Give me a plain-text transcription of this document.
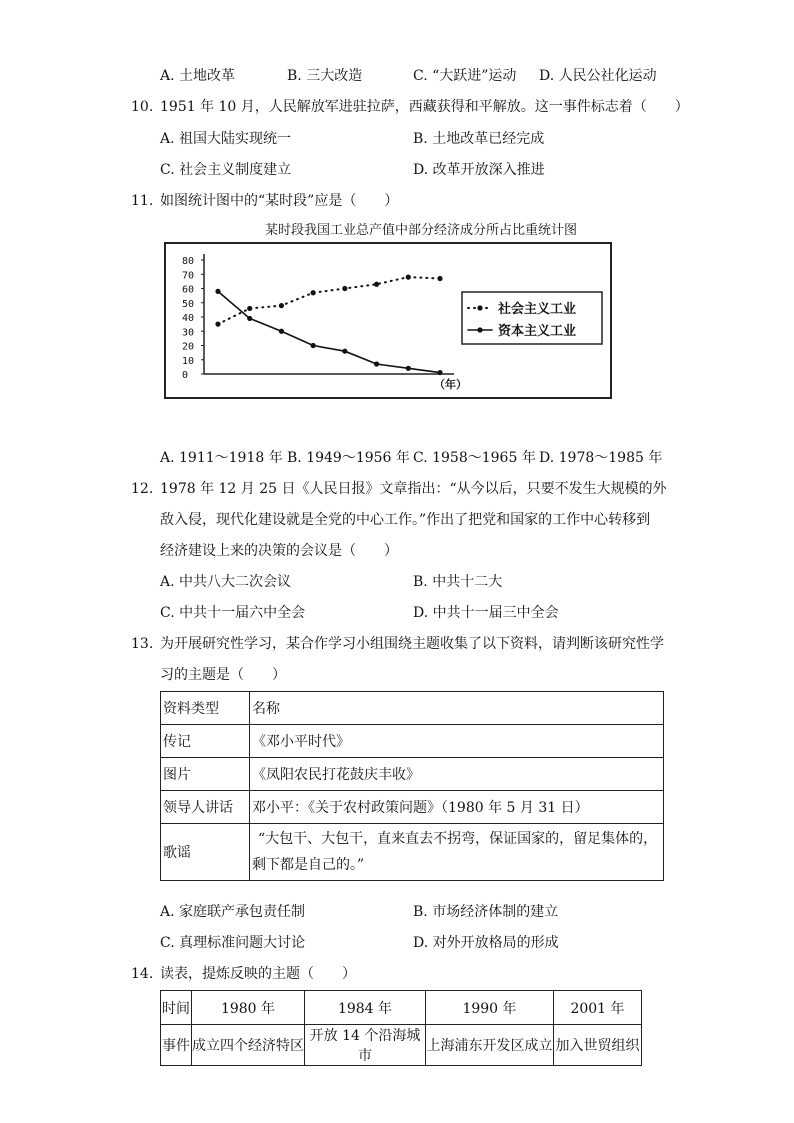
A. 土地改革	B. 三大改造	C. “大跃进”运动 D. 人民公社化运动
10. 1951 年 10 月，人民解放军进驻拉萨，西藏获得和平解放。这一事件标志着（　　）
A. 祖国大陆实现统一	B. 土地改革已经完成
C. 社会主义制度建立	D. 改革开放深入推进
11. 如图统计图中的“某时段”应是（　　）
某时段我国工业总产值中部分经济成分所占比重统计图
80
70
60
50
40
30
20
10
0
（年）
社会主义工业
资本主义工业
A. 1911～1918 年 B. 1949～1956 年 C. 1958～1965 年 D. 1978～1985 年
12. 1978 年 12 月 25 日《人民日报》文章指出：“从今以后，只要不发生大规模的外
敌入侵，现代化建设就是全党的中心工作。”作出了把党和国家的工作中心转移到
经济建设上来的决策的会议是（　　）
A. 中共八大二次会议	B. 中共十二大
C. 中共十一届六中全会	D. 中共十一届三中全会
13. 为开展研究性学习，某合作学习小组围绕主题收集了以下资料，请判断该研究性学
习的主题是（　　）
资料类型	名称
传记	《邓小平时代》
图片	《凤阳农民打花鼓庆丰收》
领导人讲话	邓小平：《关于农村政策问题》（1980 年 5 月 31 日）
歌谣	“大包干、大包干，直来直去不拐弯，保证国家的，留足集体的，
剩下都是自己的。”
A. 家庭联产承包责任制	B. 市场经济体制的建立
C. 真理标准问题大讨论	D. 对外开放格局的形成
14. 读表，提炼反映的主题（　　）
时间	1980 年	1984 年	1990 年	2001 年
事件	成立四个经济特区	开放 14 个沿海城市	上海浦东开发区成立	加入世贸组织
